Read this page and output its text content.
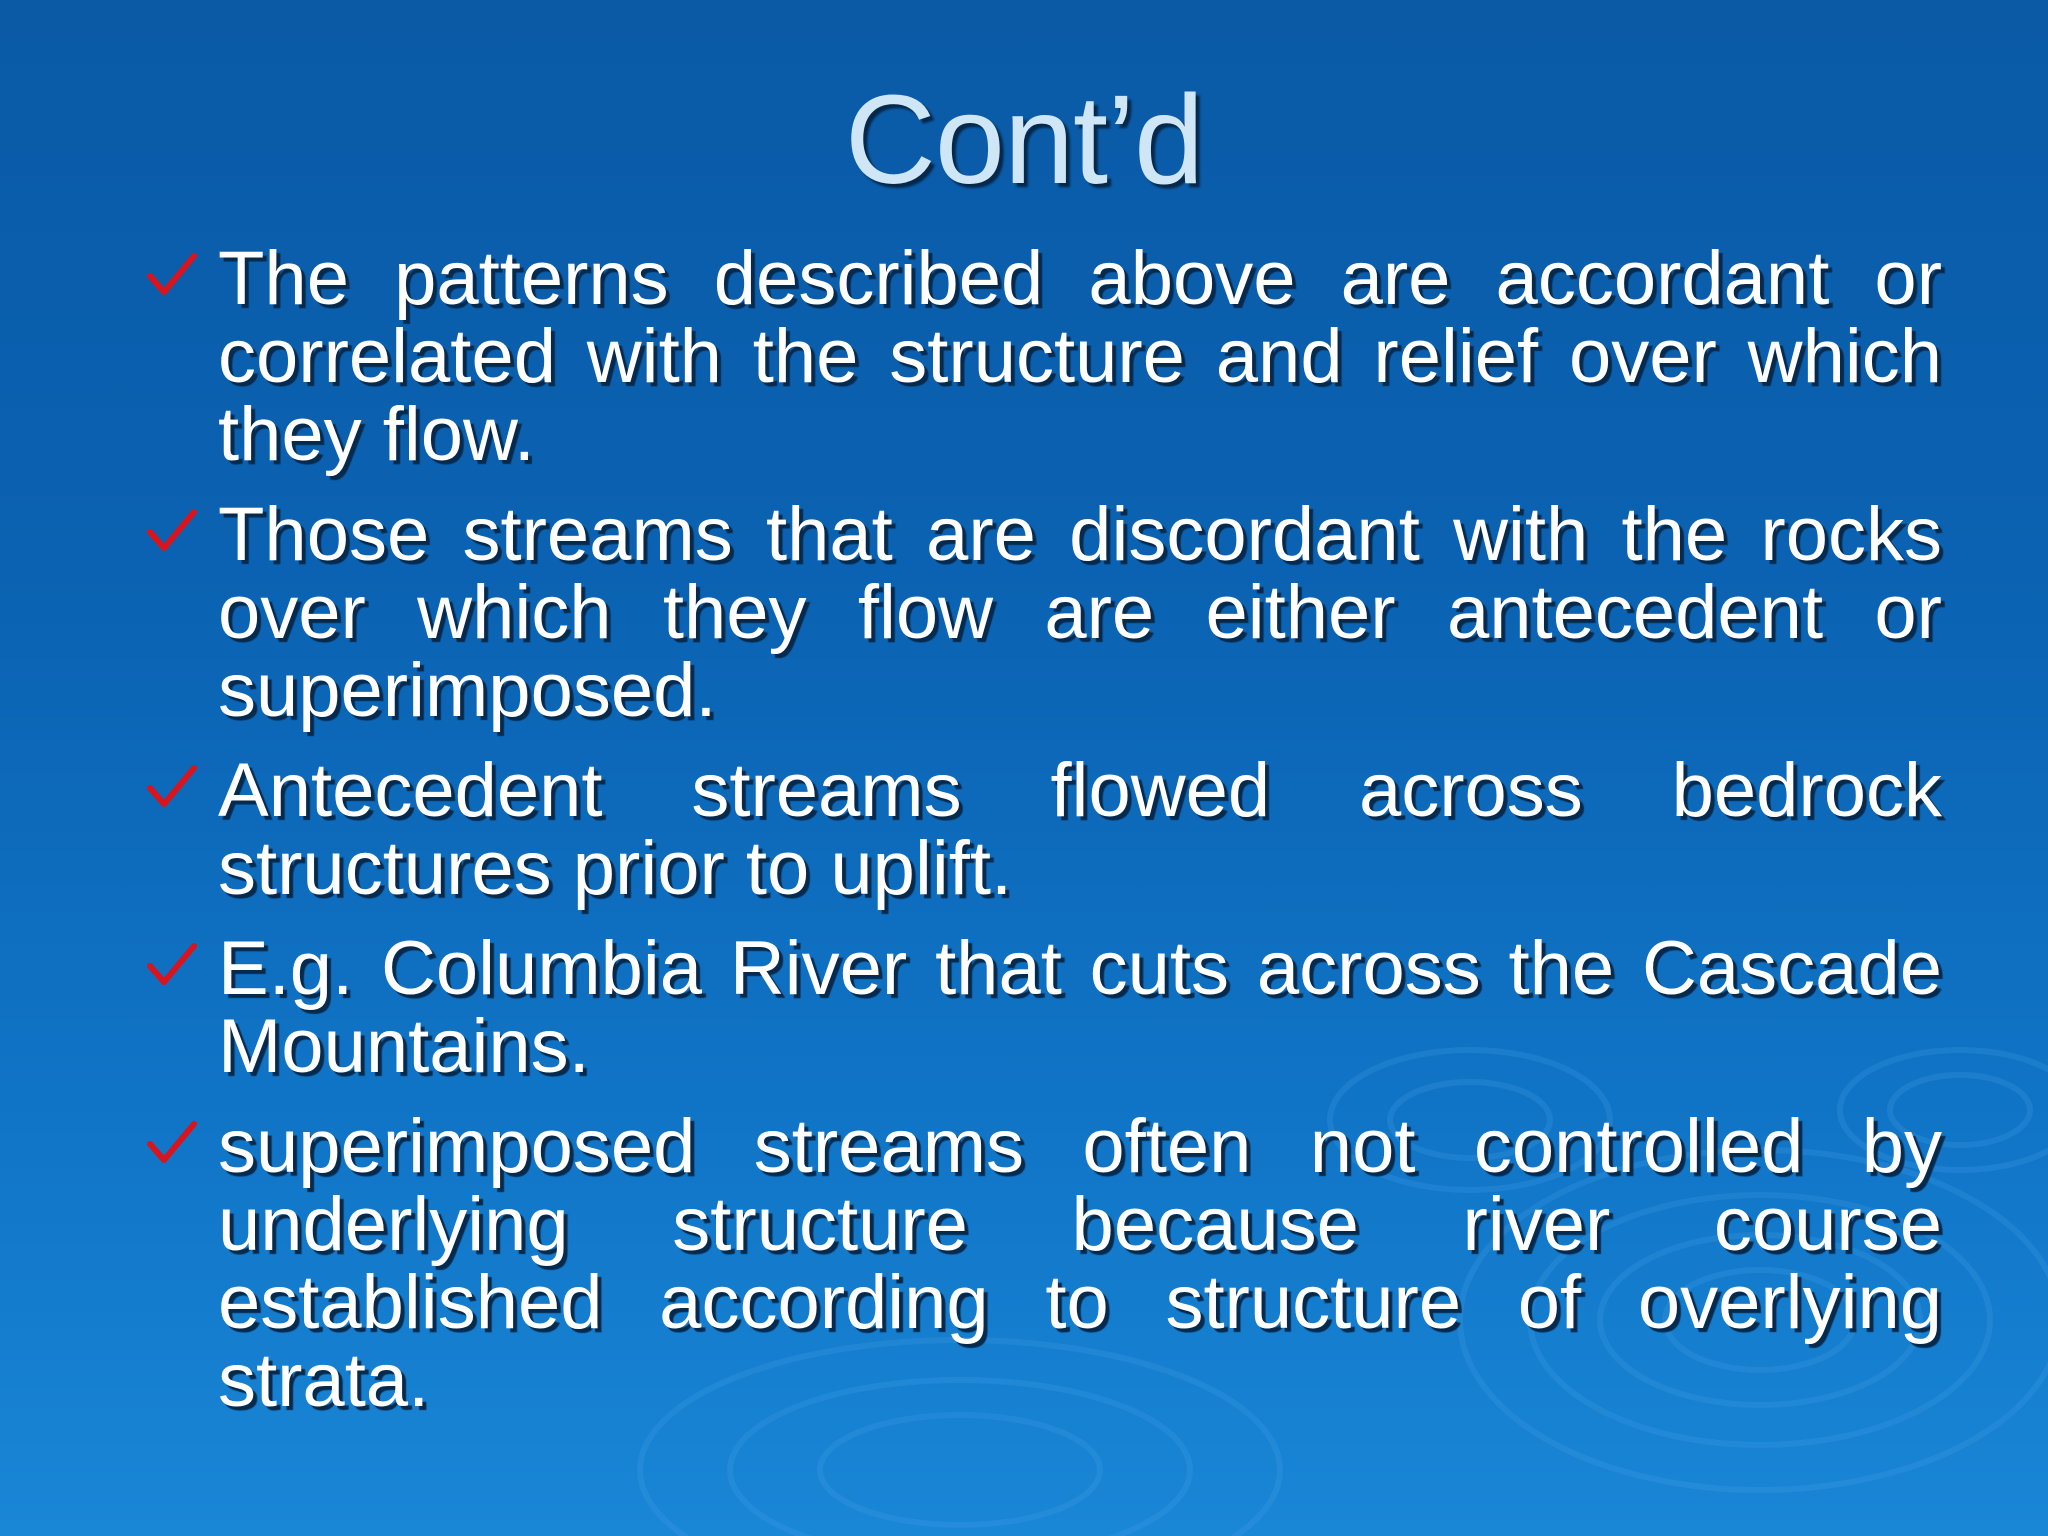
Cont’d
The patterns described above are accordant or correlated with the structure and relief over which they flow.
Those streams that are discordant with the rocks over which they flow are either antecedent or superimposed.
Antecedent streams flowed across bedrock structures prior to uplift.
E.g. Columbia River that cuts across the Cascade Mountains.
superimposed streams often not controlled by underlying structure because river course established according to structure of overlying strata.
